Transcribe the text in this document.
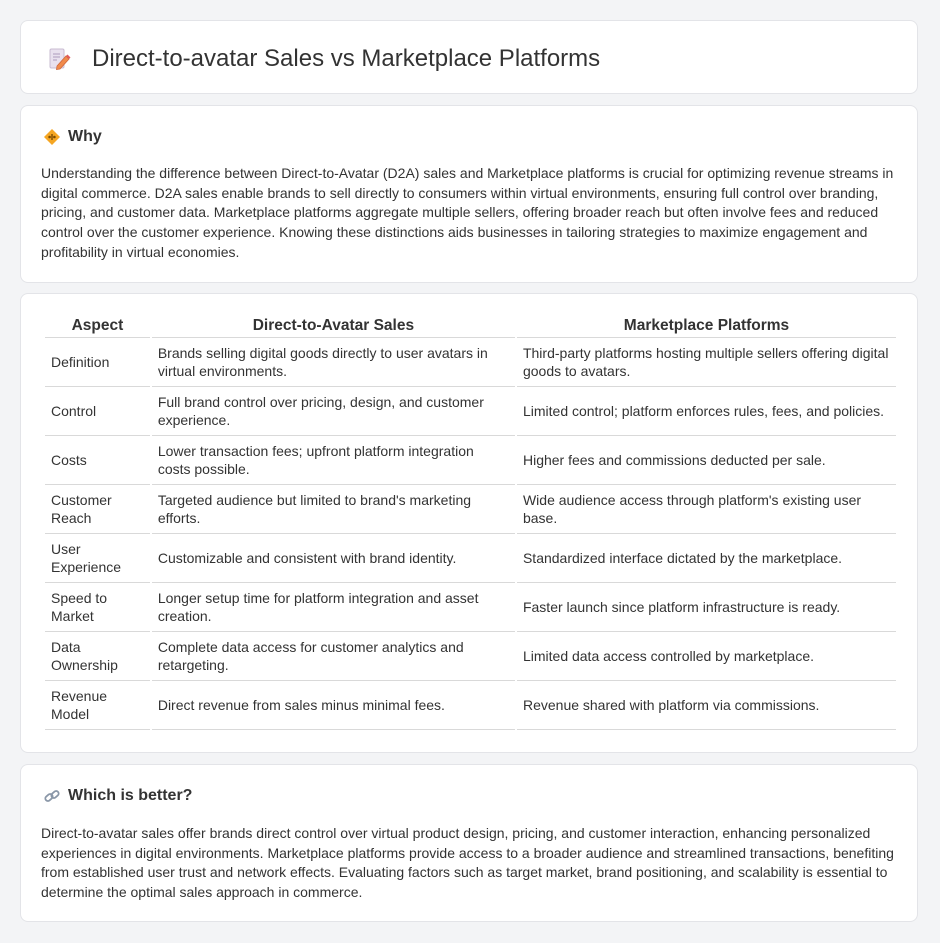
Direct-to-avatar Sales vs Marketplace Platforms
Why

Understanding the difference between Direct-to-Avatar (D2A) sales and Marketplace platforms is crucial for optimizing revenue streams in digital commerce. D2A sales enable brands to sell directly to consumers within virtual environments, ensuring full control over branding, pricing, and customer data. Marketplace platforms aggregate multiple sellers, offering broader reach but often involve fees and reduced control over the customer experience. Knowing these distinctions aids businesses in tailoring strategies to maximize engagement and profitability in virtual economies.

Aspect	Direct-to-Avatar Sales	Marketplace Platforms
Definition	Brands selling digital goods directly to user avatars in virtual environments.	Third-party platforms hosting multiple sellers offering digital goods to avatars.
Control	Full brand control over pricing, design, and customer experience.	Limited control; platform enforces rules, fees, and policies.
Costs	Lower transaction fees; upfront platform integration costs possible.	Higher fees and commissions deducted per sale.
Customer Reach	Targeted audience but limited to brand's marketing efforts.	Wide audience access through platform's existing user base.
User Experience	Customizable and consistent with brand identity.	Standardized interface dictated by the marketplace.
Speed to Market	Longer setup time for platform integration and asset creation.	Faster launch since platform infrastructure is ready.
Data Ownership	Complete data access for customer analytics and retargeting.	Limited data access controlled by marketplace.
Revenue Model	Direct revenue from sales minus minimal fees.	Revenue shared with platform via commissions.
Which is better?

Direct-to-avatar sales offer brands direct control over virtual product design, pricing, and customer interaction, enhancing personalized experiences in digital environments. Marketplace platforms provide access to a broader audience and streamlined transactions, benefiting from established user trust and network effects. Evaluating factors such as target market, brand positioning, and scalability is essential to determine the optimal sales approach in commerce.
